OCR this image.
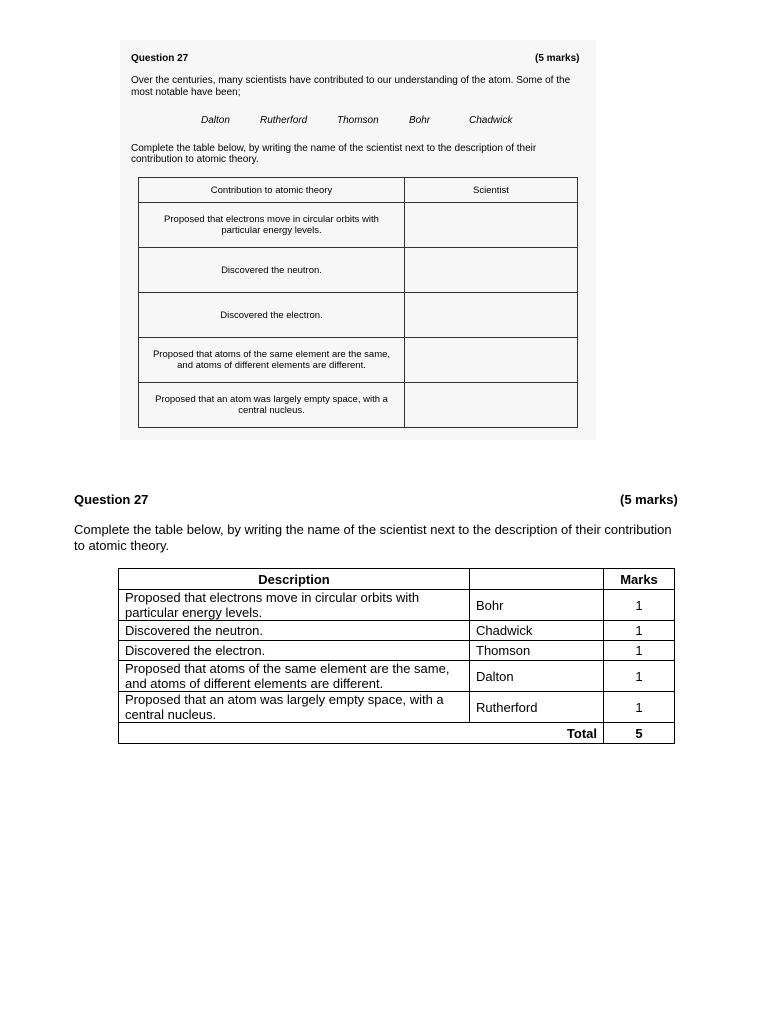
Question 27	(5 marks)
Over the centuries, many scientists have contributed to our understanding of the atom. Some of the most notable have been;
Dalton	Rutherford	Thomson	Bohr	Chadwick
Complete the table below, by writing the name of the scientist next to the description of their contribution to atomic theory.
Contribution to atomic theory	Scientist
Proposed that electrons move in circular orbits with particular energy levels.	
Discovered the neutron.	
Discovered the electron.	
Proposed that atoms of the same element are the same, and atoms of different elements are different.	
Proposed that an atom was largely empty space, with a central nucleus.	
Question 27	(5 marks)
Complete the table below, by writing the name of the scientist next to the description of their contribution to atomic theory.
Description		Marks
Proposed that electrons move in circular orbits with particular energy levels.	Bohr	1
Discovered the neutron.	Chadwick	1
Discovered the electron.	Thomson	1
Proposed that atoms of the same element are the same, and atoms of different elements are different.	Dalton	1
Proposed that an atom was largely empty space, with a central nucleus.	Rutherford	1
Total		5
